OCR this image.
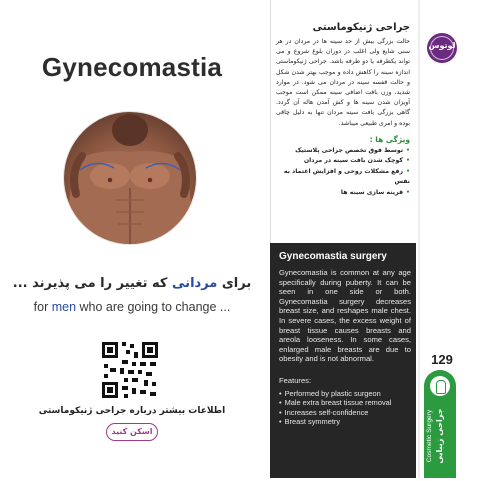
Gynecomastia
برای مردانی که تغییر را می پذیرند ...
for men who are going to change ...
اطلاعات بیشتر درباره جراحی ژنیکوماستی
اسکن کنید
جراحی ژنیکوماستی
حالت بزرگی بیش از حد سینه ها در مردان در هر سنی شایع ولی اغلب در دوران بلوغ شروع و می تواند یکطرفه یا دو طرفه باشد. جراحی ژنیکوماستی اندازه سینه را کاهش داده و موجب بهتر شدن شکل و حالت قفسه سینه در مردان می شود. در موارد شدید، وزن بافت اضافی سینه ممکن است موجب آویزان شدن سینه ها و کش آمدن هاله آن گردد. گاهی بزرگی بافت سینه مردان تنها به دلیل چاقی بوده و امری طبیعی میباشد.
ویژگی ها :
• توسط فوق تخصص جراحی پلاستیک
• کوچک شدن بافت سینه در مردان
• رفع مشکلات روحی و افزایش اعتماد به نفس
• قرینه سازی سینه ها
Gynecomastia surgery
Gynecomastia is common at any age specifically during puberty. It can be seen in one side or both. Gynecomastia surgery decreases breast size, and reshapes male chest. In severe cases, the excess weight of breast tissue causes breasts and areola looseness. In some cases, enlarged male breasts are due to obesity and is not abnormal.
Features:
• Performed by plastic surgeon
• Male extra breast tissue removal
• Increases self-confidence
• Breast symmetry
لوتوس
129
Cosmetic Surgery جراحی زیبایی
